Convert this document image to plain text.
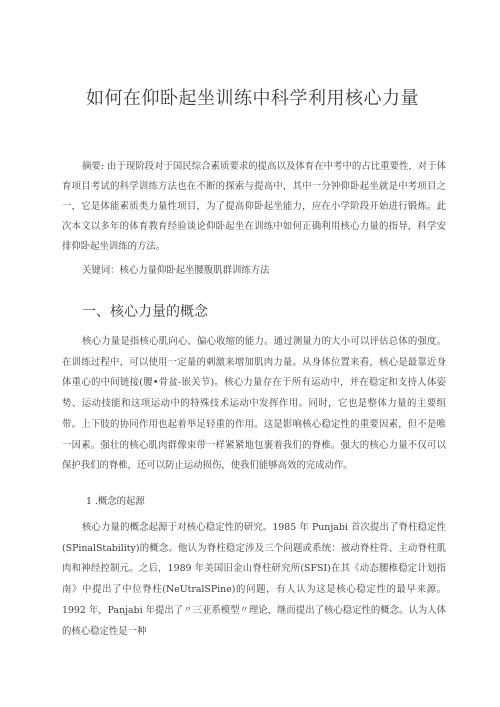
如何在仰卧起坐训练中科学利用核心力量
摘要: 由于现阶段对于国民综合素质要求的提高以及体育在中考中的占比重要性，对于体育项目考试的科学训练方法也在不断的探索与提高中，其中一分钟仰卧起坐就是中考项目之一，它是体能素质类力量性项目，为了提高仰卧起坐能力，应在小学阶段开始进行锻炼。此次本文以多年的体育教育经验谈论仰卧起坐在训练中如何正确利用核心力量的指导，科学安排仰卧起坐训练的方法。
关键词：核心力量仰卧起坐腰腹肌群训练方法
一、核心力量的概念
核心力量是指核心肌向心、偏心收缩的能力。通过测量力的大小可以评估总体的强度。在训练过程中，可以使用一定量的刺激来增加肌肉力量。从身体位置来看，核心是最靠近身体重心的中间链接(腰•骨盆-嵌关节)。核心力量存在于所有运动中，并在稳定和支持人体姿势、运动技能和这项运动中的特殊技术运动中发挥作用。同时，它也是整体力量的主要组带。上下肢的协同作用也起着举足轻重的作用。这是影响核心稳定性的重要因素，但不是唯一因素。强壮的核心肌肉群像束带一样紧紧地包裹着我们的脊椎。强大的核心力量不仅可以保护我们的脊椎，还可以防止运动损伤，使我们能够高效的完成动作。
1 .概念的起源
核心力量的概念起源于对核心稳定性的研究。1985 年 Punjabi 首次提出了脊柱稳定性(SPinalStability)的概念。他认为脊柱稳定涉及三个问题或系统：被动脊柱骨、主动脊柱肌肉和神经控制元。之后，1989 年美国旧金山脊柱研究所(SFSI)在其《动态腰椎稳定计划指南》中提出了中位脊柱(NeUtralSPine)的问题，有人认为这是核心稳定性的最早来源。1992 年，Panjabi 年提出了〃三亚系模型〃理论，继而提出了核心稳定性的概念。认为人体的核心稳定性是一种
